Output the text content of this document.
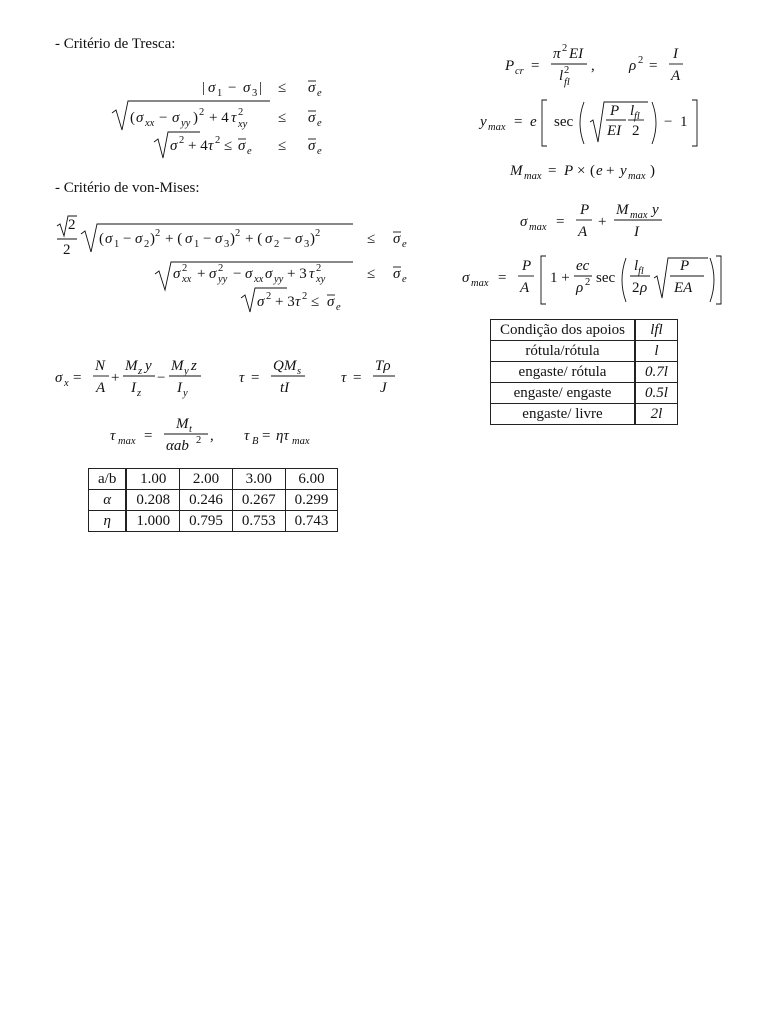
- Critério de Tresca:
| σ 1 − σ 3 | ≤ σ e
( σ xx − σ yy ) 2 + 4 τ 2
xy ≤ σ e
σ 2 + 4 τ 2 ≤ σ e ≤ σ e
- Critério de von-Mises:
2
2
( σ 1 − σ 2 ) 2 + ( σ 1 − σ 3 ) 2 + ( σ 2 − σ 3 ) 2	≤ σ e
σ 2
xx + σ 2
yy − σ xx σ yy + 3 τ 2
xy	≤ σ e
σ 2 + 3 τ 2 ≤ σ e
σ x =
N
A
+
M z y
I z
−
M y z
I y
τ =
QM s
tI
τ =
Tρ
J
τ max =
M t
αab 2 , τ B = ητ max
a/b	1.00	2.00	3.00	6.00
α	0.208	0.246	0.267	0.299
η	1.000	0.795	0.753	0.743
P cr =
π 2 EI
l 2
fl
, ρ 2 =
I
A
y max = e sec
P
EI
l fl
2
− 1
M max = P × ( e + y max )
σ max =
P
A
+
M max y
I
σ max =
P
A
1 +
ec
ρ 2 sec
l fl
2 ρ
P
EA
Condição dos apoios	lfl
rótula/rótula	l
engaste/ rótula	0.7l
engaste/ engaste	0.5l
engaste/ livre	2l
